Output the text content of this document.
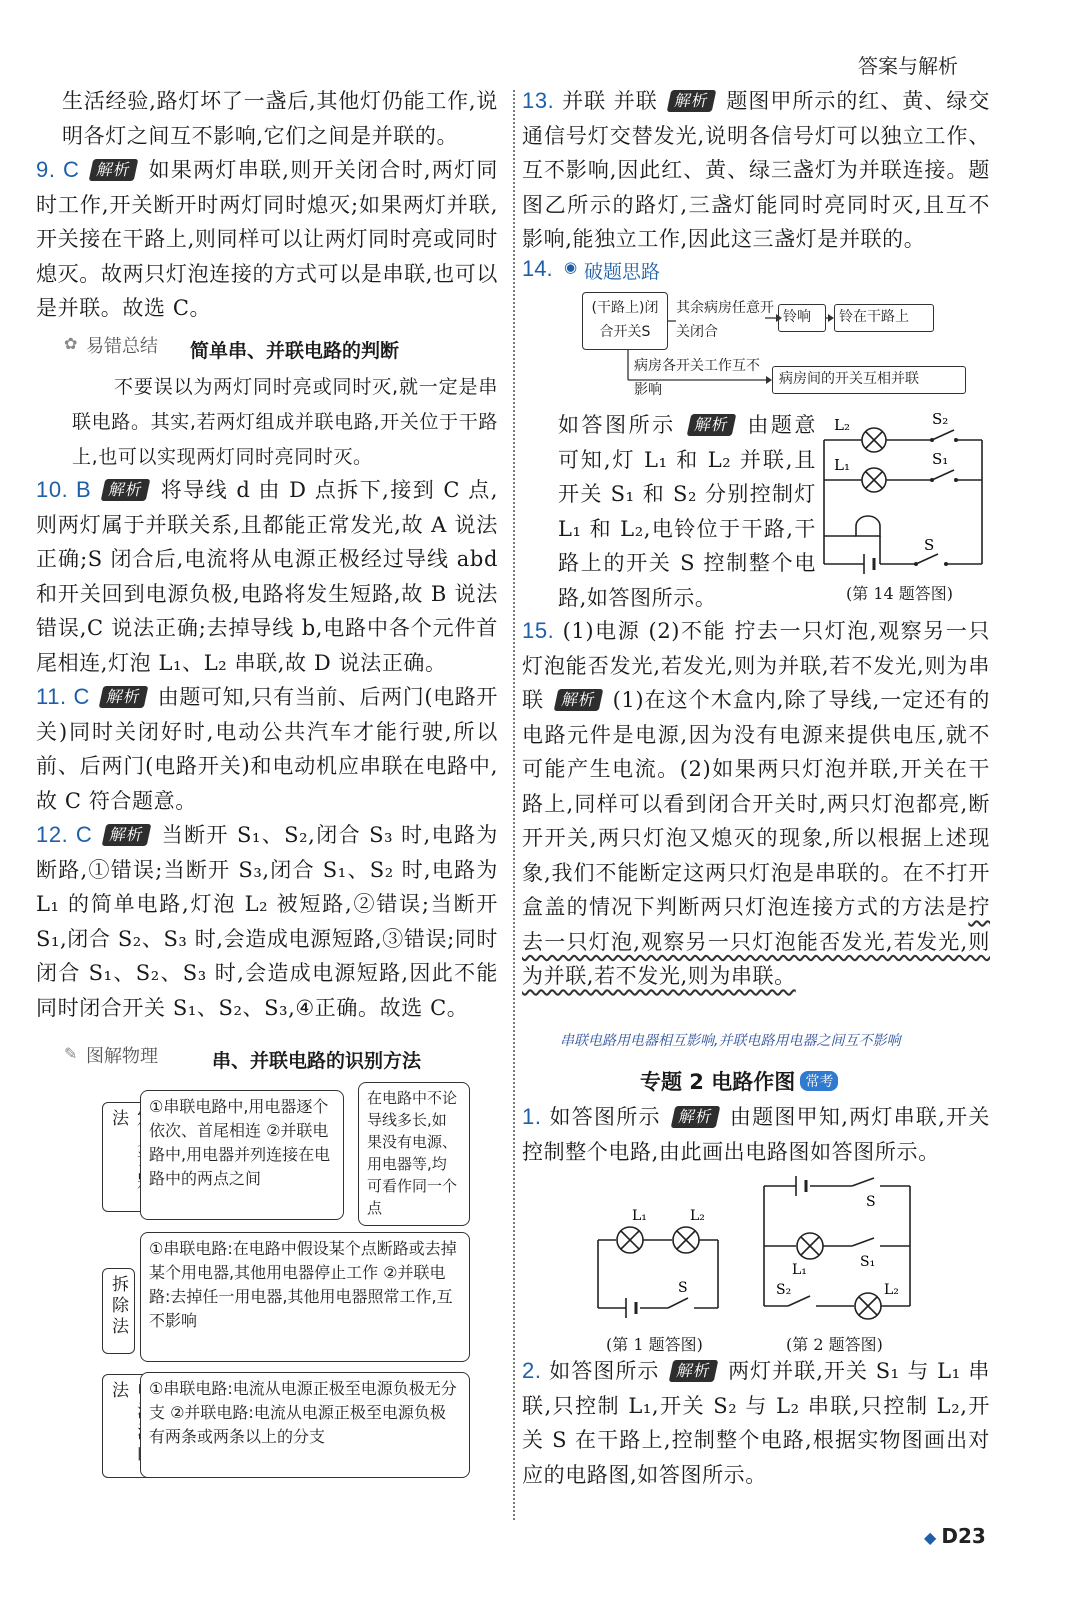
答案与解析
生活经验,路灯坏了一盏后,其他灯仍能工作,说明各灯之间互不影响,它们之间是并联的。
9. C 解析 如果两灯串联,则开关闭合时,两灯同时工作,开关断开时两灯同时熄灭;如果两灯并联,开关接在干路上,则同样可以让两灯同时亮或同时熄灭。故两只灯泡连接的方式可以是串联,也可以是并联。故选 C。
易错总结
✿	简单串、并联电路的判断
不要误以为两灯同时亮或同时灭,就一定是串联电路。其实,若两灯组成并联电路,开关位于干路上,也可以实现两灯同时亮同时灭。
10. B 解析 将导线 d 由 D 点拆下,接到 C 点,则两灯属于并联关系,且都能正常发光,故 A 说法正确;S 闭合后,电流将从电源正极经过导线 abd 和开关回到电源负极,电路将发生短路,故 B 说法错误,C 说法正确;去掉导线 b,电路中各个元件首尾相连,灯泡 L₁、L₂ 串联,故 D 说法正确。
11. C 解析 由题可知,只有当前、后两门(电路开关)同时关闭好时,电动公共汽车才能行驶,所以前、后两门(电路开关)和电动机应串联在电路中,故 C 符合题意。
12. C 解析 当断开 S₁、S₂,闭合 S₃ 时,电路为断路,①错误;当断开 S₃,闭合 S₁、S₂ 时,电路为 L₁ 的简单电路,灯泡 L₂ 被短路,②错误;当断开 S₁,闭合 S₂、S₃ 时,会造成电源短路,③错误;同时闭合 S₁、S₂、S₃ 时,会造成电源短路,因此不能同时闭合开关 S₁、S₂、S₃,④正确。故选 C。
✎ 图解物理	串、并联电路的识别方法
法
①串联电路中,用电器逐个依次、首尾相连 ②并联电路中,用电器并列连接在电路中的两点之间
在电路中不论导线多长,如果没有电源、用电器等,均可看作同一个点
拆除法
①串联电路:在电路中假设某个点断路或去掉某个用电器,其他用电器停止工作 ②并联电路:去掉任一用电器,其他用电器照常工作,互不影响
法	①串联电路:电流从电源正极至电源负极无分支 ②并联电路:电流从电源正极至电源负极有两条或两条以上的分支
13. 并联 并联 解析 题图甲所示的红、黄、绿交通信号灯交替发光,说明各信号灯可以独立工作、互不影响,因此红、黄、绿三盏灯为并联连接。题图乙所示的路灯,三盏灯能同时亮同时灭,且互不影响,能独立工作,因此这三盏灯是并联的。
14. ◉ 破题思路
(干路上)闭合开关S
其余病房任意开关闭合
铃响	铃在干路上
病房各开关工作互不影响
病房间的开关互相并联
如答图所示 解析 由题意可知,灯 L₁ 和 L₂ 并联,且开关 S₁ 和 S₂ 分别控制灯 L₁ 和 L₂,电铃位于干路,干路上的开关 S 控制整个电路,如答图所示。
L₂
L₁
S₂
S₁
S
(第 14 题答图)
15. (1)电源 (2)不能 拧去一只灯泡,观察另一只灯泡能否发光,若发光,则为并联,若不发光,则为串联 解析 (1)在这个木盒内,除了导线,一定还有的电路元件是电源,因为没有电源来提供电压,就不可能产生电流。(2)如果两只灯泡并联,开关在干路上,同样可以看到闭合开关时,两只灯泡都亮,断开开关,两只灯泡又熄灭的现象,所以根据上述现象,我们不能断定这两只灯泡是串联的。在不打开盒盖的情况下判断两只灯泡连接方式的方法是拧去一只灯泡,观察另一只灯泡能否发光,若发光,则为并联,若不发光,则为串联。
串联电路用电器相互影响,并联电路用电器之间互不影响
专题 2 电路作图 常考
1. 如答图所示 解析 由题图甲知,两灯串联,开关控制整个电路,由此画出电路图如答图所示。
L₁	L₂
S
S
L₁	S₁
S₂	L₂
(第 1 题答图)	(第 2 题答图)
2. 如答图所示 解析 两灯并联,开关 S₁ 与 L₁ 串联,只控制 L₁,开关 S₂ 与 L₂ 串联,只控制 L₂,开关 S 在干路上,控制整个电路,根据实物图画出对应的电路图,如答图所示。
◆ D23
